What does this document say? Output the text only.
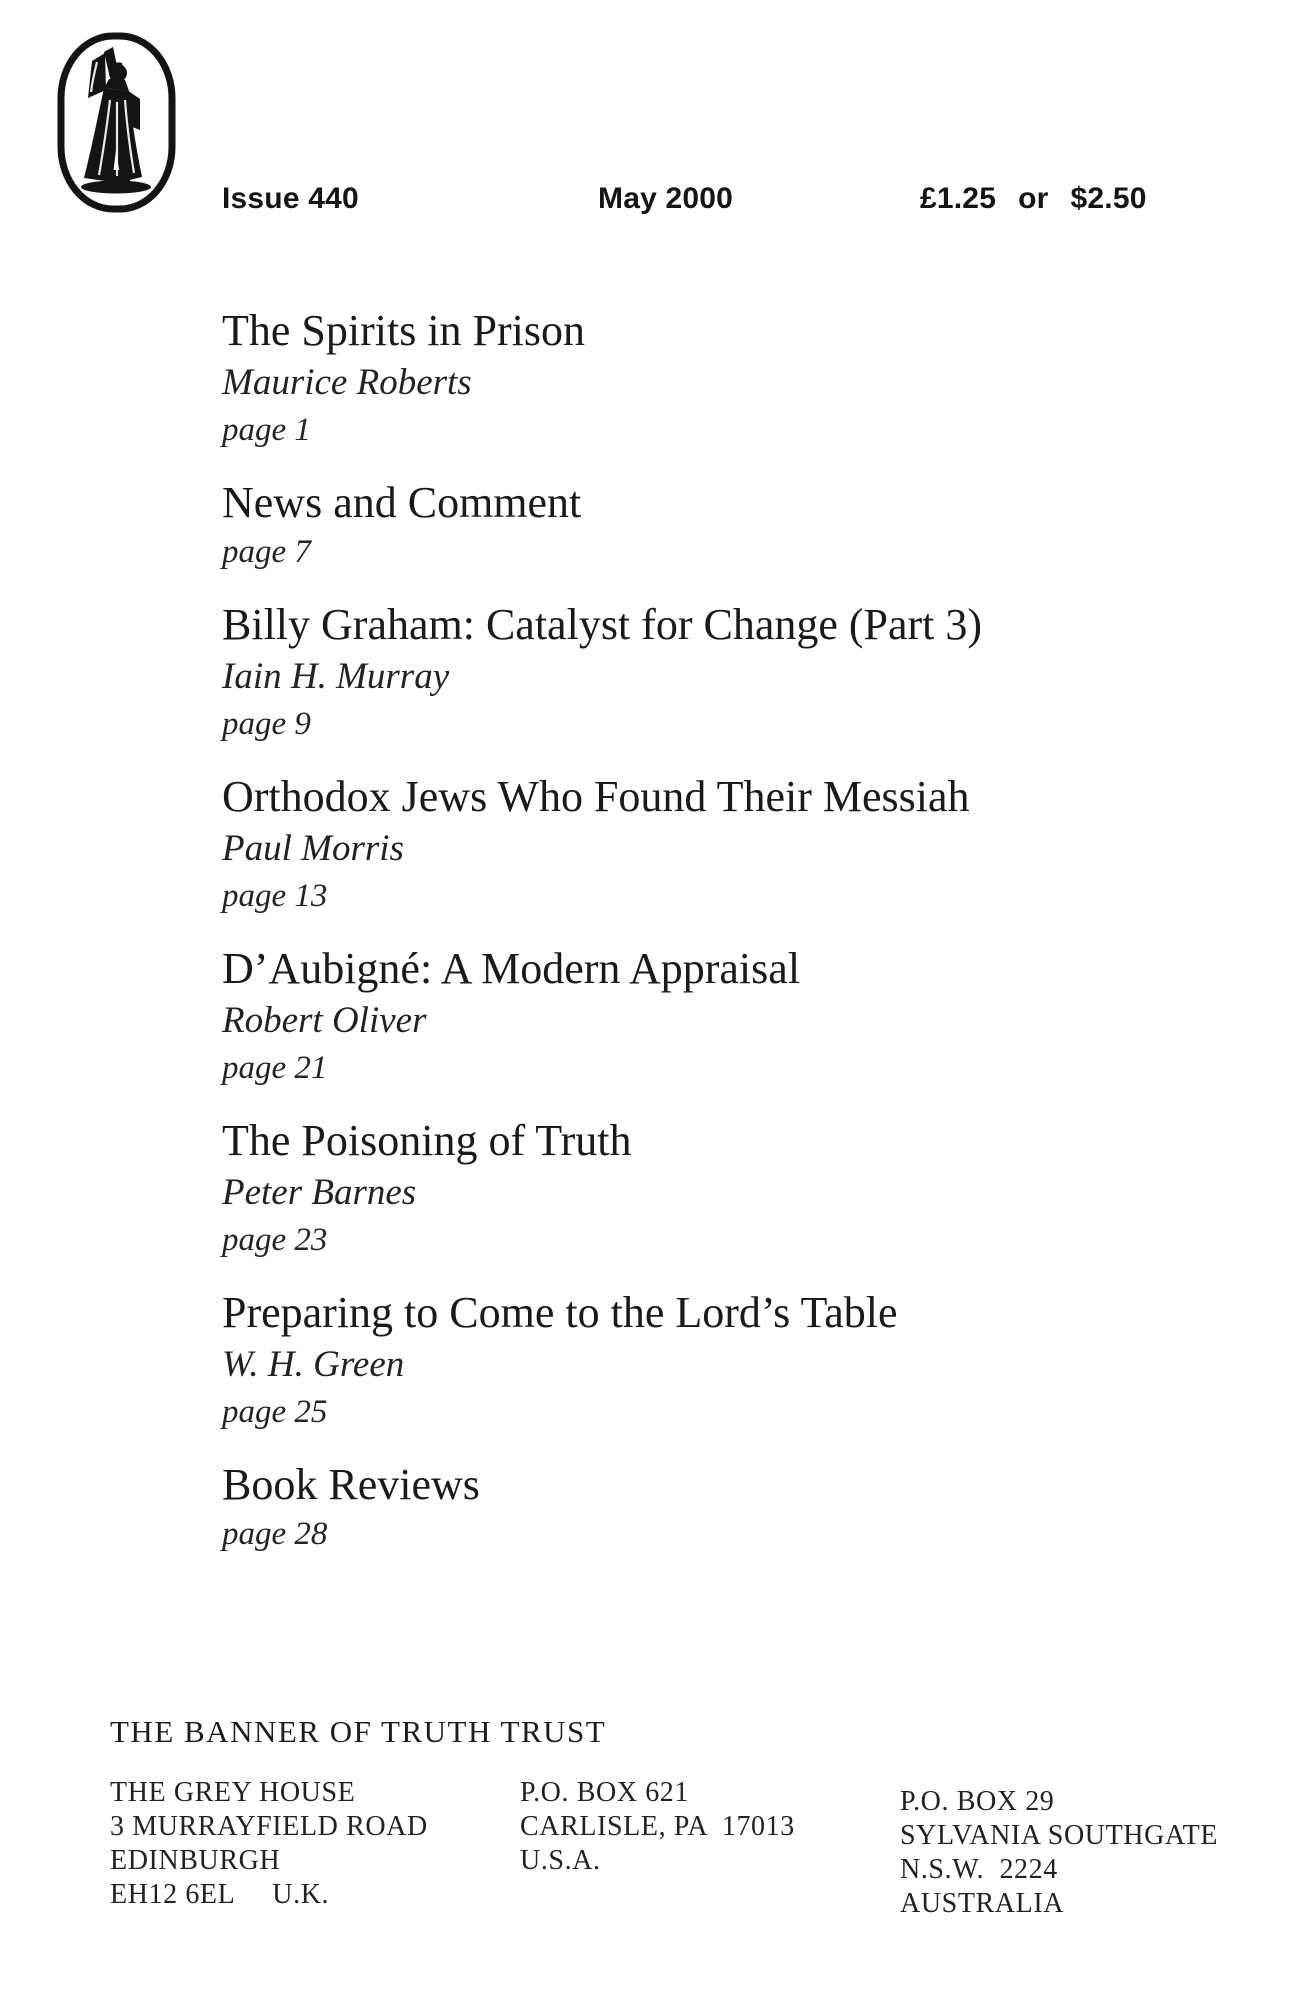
Issue 440	May 2000	£1.25 or $2.50
The Spirits in Prison
Maurice Roberts
page 1
News and Comment
page 7
Billy Graham: Catalyst for Change (Part 3)
Iain H. Murray
page 9
Orthodox Jews Who Found Their Messiah
Paul Morris
page 13
D’Aubigné: A Modern Appraisal
Robert Oliver
page 21
The Poisoning of Truth
Peter Barnes
page 23
Preparing to Come to the Lord’s Table
W. H. Green
page 25
Book Reviews
page 28
THE BANNER OF TRUTH TRUST
THE GREY HOUSE
3 MURRAYFIELD ROAD
EDINBURGH
EH12 6EL     U.K.
P.O. BOX 621
CARLISLE, PA  17013
U.S.A.
P.O. BOX 29
SYLVANIA SOUTHGATE
N.S.W.  2224
AUSTRALIA
